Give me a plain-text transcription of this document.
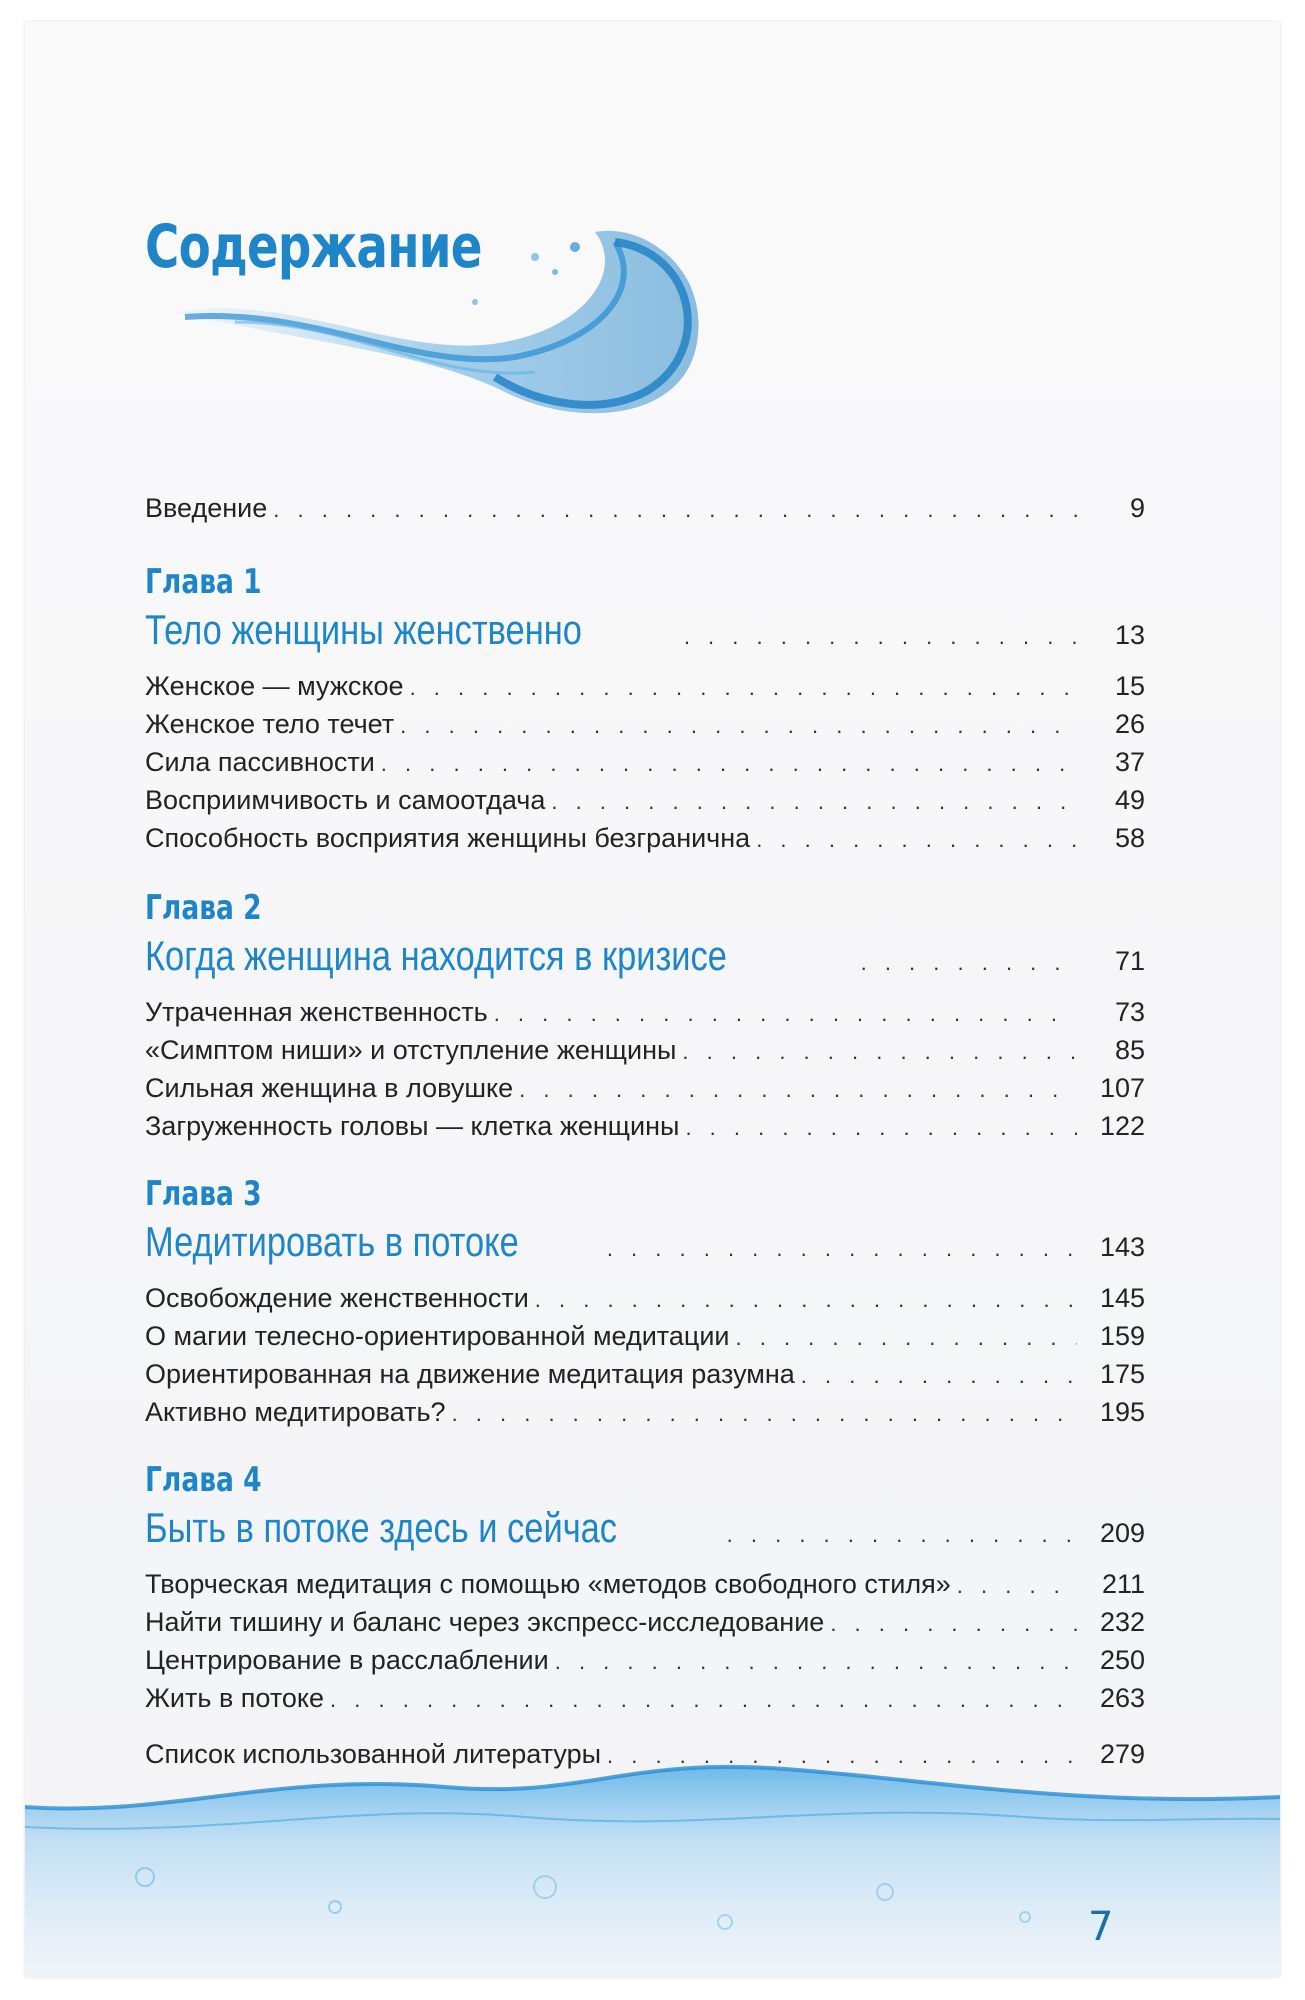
Содержание
Введение . . .	9
Глава 1
Тело женщины женственно . . .	13
Женское — мужское . . .	15
Женское тело течет . . .	26
Сила пассивности . . .	37
Восприимчивость и самоотдача . . .	49
Способность восприятия женщины безгранична . . .	58
Глава 2
Когда женщина находится в кризисе . . .	71
Утраченная женственность . . .	73
«Симптом ниши» и отступление женщины . . .	85
Сильная женщина в ловушке . . .	107
Загруженность головы — клетка женщины . . .	122
Глава 3
Медитировать в потоке . . .	143
Освобождение женственности . . .	145
О магии телесно-ориентированной медитации . . .	159
Ориентированная на движение медитация разумна . . .	175
Активно медитировать? . . .	195
Глава 4
Быть в потоке здесь и сейчас . . .	209
Творческая медитация с помощью «методов свободного стиля» . . .	211
Найти тишину и баланс через экспресс-исследование . . .	232
Центрирование в расслаблении . . .	250
Жить в потоке . . .	263
Список использованной литературы . . .	279
7
